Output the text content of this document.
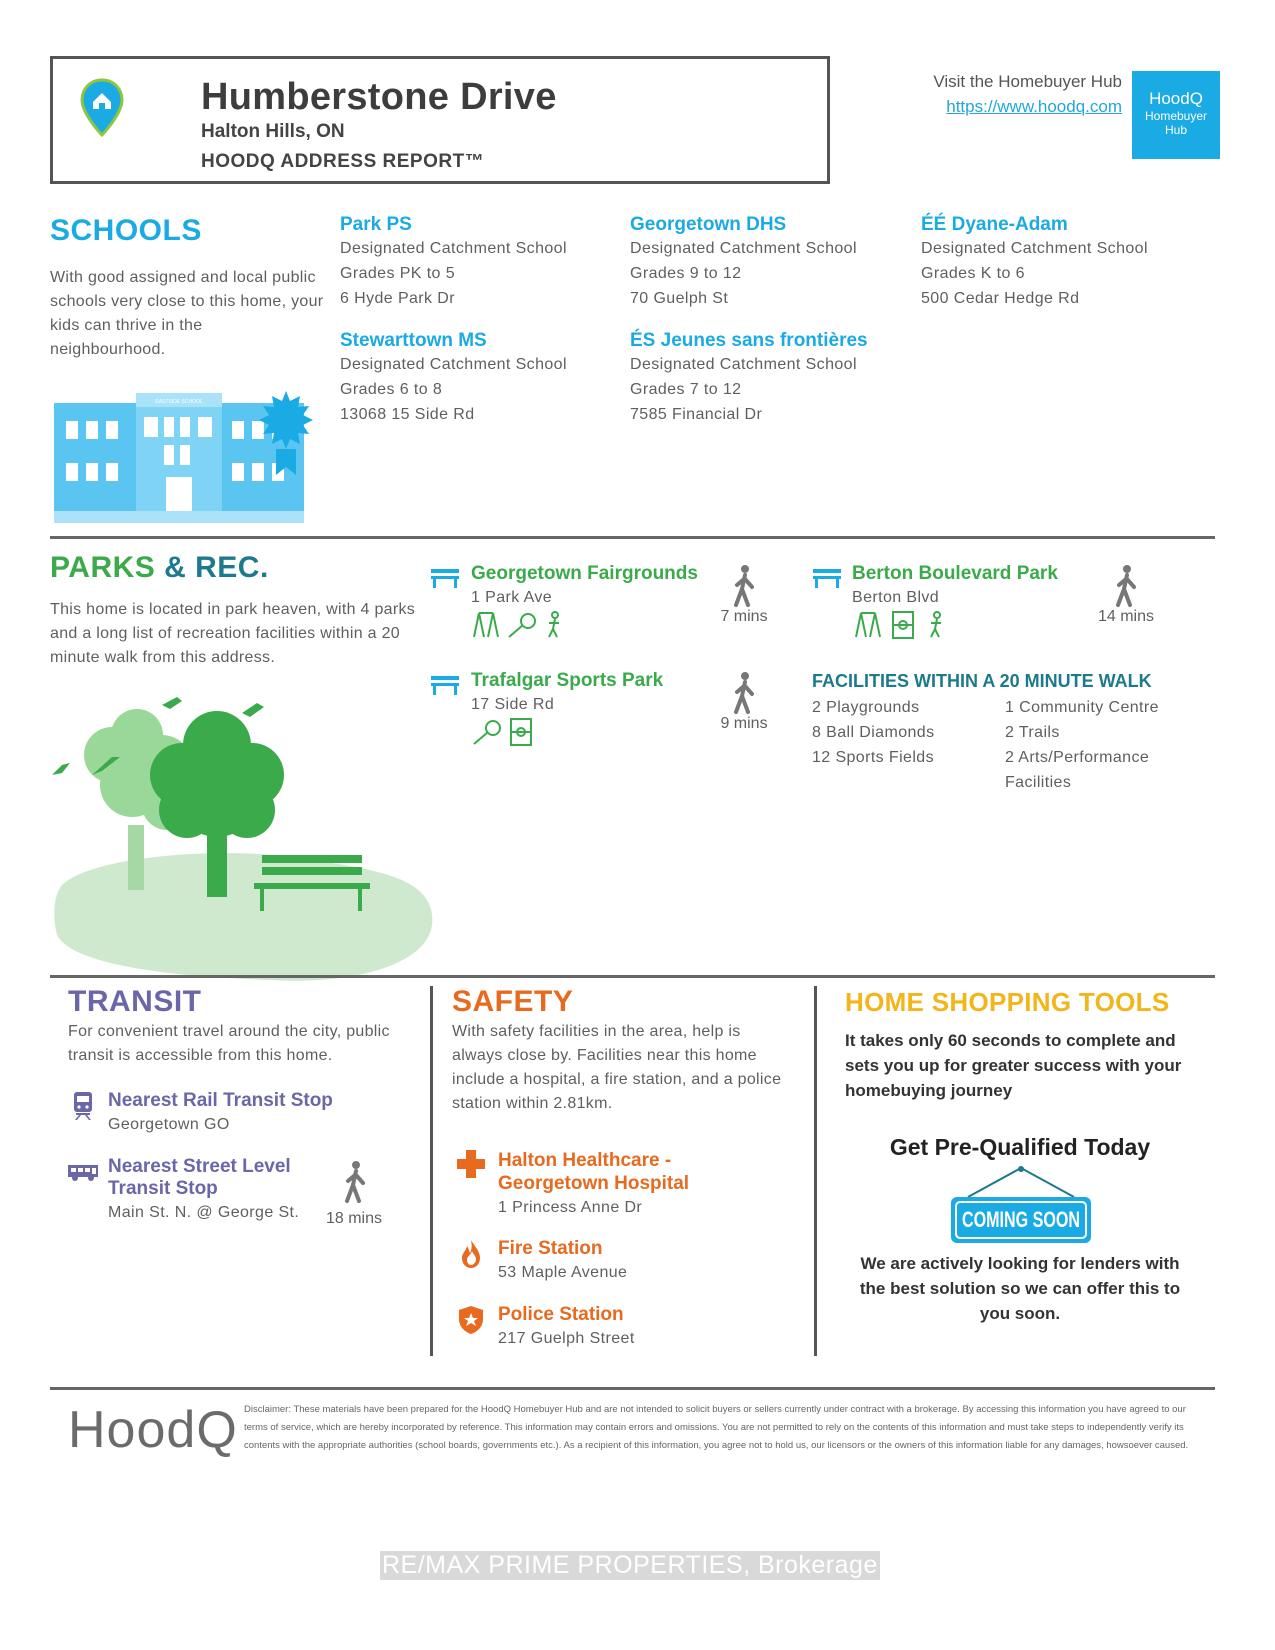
Humberstone Drive
Halton Hills, ON
HOODQ ADDRESS REPORT™
Visit the Homebuyer Hub
https://www.hoodq.com	HoodQ
Homebuyer
Hub
SCHOOLS
With good assigned and local public
schools very close to this home, your
kids can thrive in the
neighbourhood.
EASTSIDE SCHOOL
Park PS
Designated Catchment School
Grades PK to 5
6 Hyde Park Dr
Georgetown DHS
Designated Catchment School
Grades 9 to 12
70 Guelph St
ÉÉ Dyane-Adam
Designated Catchment School
Grades K to 6
500 Cedar Hedge Rd
Stewarttown MS
Designated Catchment School
Grades 6 to 8
13068 15 Side Rd
ÉS Jeunes sans frontières
Designated Catchment School
Grades 7 to 12
7585 Financial Dr
PARKS & REC.
This home is located in park heaven, with 4 parks
and a long list of recreation facilities within a 20
minute walk from this address.
Georgetown Fairgrounds
1 Park Ave
7 mins
Berton Boulevard Park
Berton Blvd
14 mins
Trafalgar Sports Park
17 Side Rd
9 mins
FACILITIES WITHIN A 20 MINUTE WALK
2 Playgrounds
8 Ball Diamonds
12 Sports Fields
1 Community Centre
2 Trails
2 Arts/Performance
Facilities
TRANSIT
For convenient travel around the city, public
transit is accessible from this home.
Nearest Rail Transit Stop
Georgetown GO
Nearest Street Level
Transit Stop
Main St. N. @ George St.	18 mins
SAFETY
With safety facilities in the area, help is
always close by. Facilities near this home
include a hospital, a fire station, and a police
station within 2.81km.
Halton Healthcare -
Georgetown Hospital
1 Princess Anne Dr
Fire Station
53 Maple Avenue
Police Station
217 Guelph Street
HOME SHOPPING TOOLS
It takes only 60 seconds to complete and
sets you up for greater success with your
homebuying journey
Get Pre-Qualified Today
COMING SOON
We are actively looking for lenders with
the best solution so we can offer this to
you soon.
HoodQ Disclaimer: These materials have been prepared for the HoodQ Homebuyer Hub and are not intended to solicit buyers or sellers currently under contract with a brokerage. By accessing this information you have agreed to our terms of service, which are hereby incorporated by reference. This information may contain errors and omissions. You are not permitted to rely on the contents of this information and must take steps to independently verify its contents with the appropriate authorities (school boards, governments etc.). As a recipient of this information, you agree not to hold us, our licensors or the owners of this information liable for any damages, howsoever caused.
RE/MAX PRIME PROPERTIES, Brokerage
